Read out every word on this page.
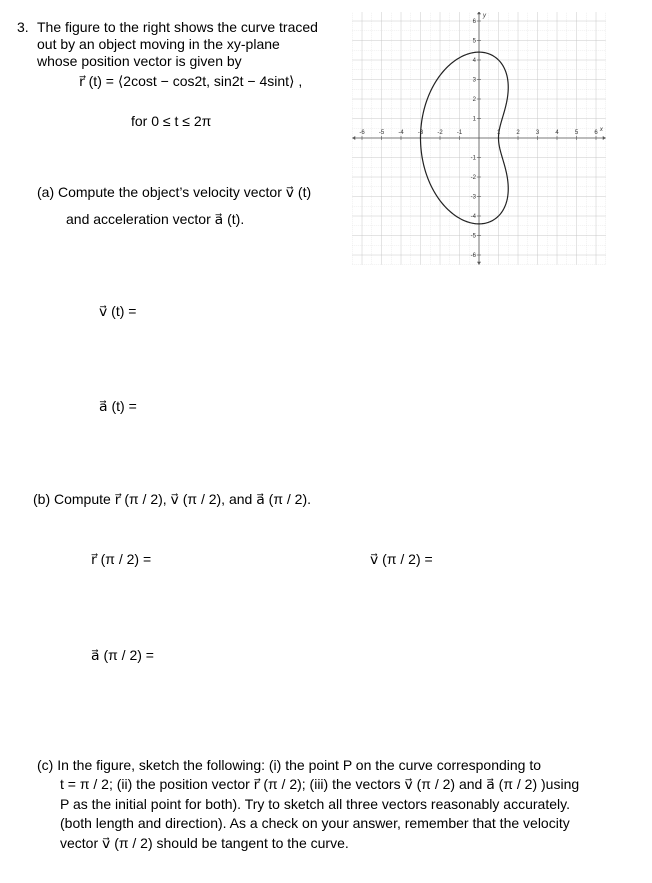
3. The figure to the right shows the curve traced
out by an object moving in the xy-plane
whose position vector is given by
r⃗ (t) = ⟨2cost − cos2t, sin2t − 4sint⟩ ,
for 0 ≤ t ≤ 2π
-6 -5 -4 -3 -2 -1	1	2	3	4	5	6
6
5
4
3
2
1
-1
-2
-3
-4
-5
-6
x
y
(a) Compute the object’s velocity vector v⃗ (t)
and acceleration vector a⃗ (t).
v⃗ (t) =
a⃗ (t) =
(b) Compute r⃗ (π / 2), v⃗ (π / 2), and a⃗ (π / 2).
r⃗ (π / 2) =	v⃗ (π / 2) =
a⃗ (π / 2) =
(c) In the figure, sketch the following: (i) the point P on the curve corresponding to
t = π / 2; (ii) the position vector r⃗ (π / 2); (iii) the vectors v⃗ (π / 2) and a⃗ (π / 2) )using
P as the initial point for both). Try to sketch all three vectors reasonably accurately.
(both length and direction). As a check on your answer, remember that the velocity
vector v⃗ (π / 2) should be tangent to the curve.
